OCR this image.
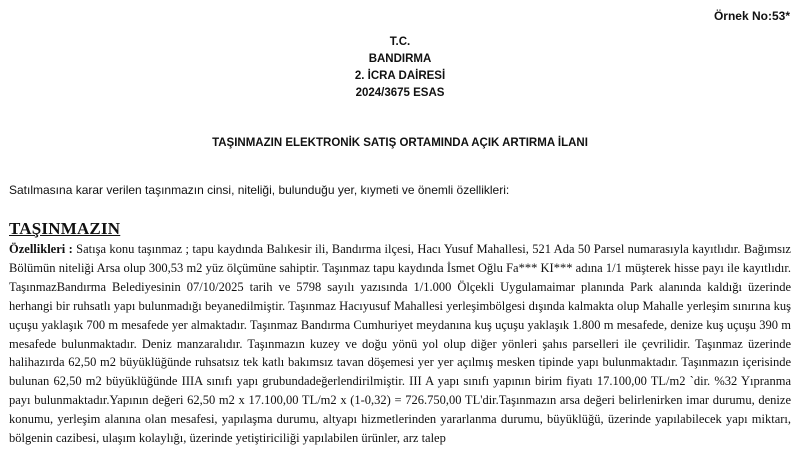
Örnek No:53*
T.C.
BANDIRMA
2. İCRA DAİRESİ
2024/3675 ESAS
TAŞINMAZIN ELEKTRONİK SATIŞ ORTAMINDA AÇIK ARTIRMA İLANI
Satılmasına karar verilen taşınmazın cinsi, niteliği, bulunduğu yer, kıymeti ve önemli özellikleri:
TAŞINMAZIN
Özellikleri : Satışa konu taşınmaz ; tapu kaydında Balıkesir ili, Bandırma ilçesi, Hacı Yusuf Mahallesi, 521 Ada 50 Parsel numarasıyla kayıtlıdır. Bağımsız Bölümün niteliği Arsa olup 300,53 m2 yüz ölçümüne sahiptir. Taşınmaz tapu kaydında İsmet Oğlu Fa*** KI*** adına 1/1 müşterek hisse payı ile kayıtlıdır. TaşınmazBandırma Belediyesinin 07/10/2025 tarih ve 5798 sayılı yazısında 1/1.000 Ölçekli Uygulamaimar planında Park alanında kaldığı üzerinde herhangi bir ruhsatlı yapı bulunmadığı beyanedilmiştir. Taşınmaz Hacıyusuf Mahallesi yerleşimbölgesi dışında kalmakta olup Mahalle yerleşim sınırına kuş uçuşu yaklaşık 700 m mesafede yer almaktadır. Taşınmaz Bandırma Cumhuriyet meydanına kuş uçuşu yaklaşık 1.800 m mesafede, denize kuş uçuşu 390 m mesafede bulunmaktadır. Deniz manzaralıdır. Taşınmazın kuzey ve doğu yönü yol olup diğer yönleri şahıs parselleri ile çevrilidir. Taşınmaz üzerinde halihazırda 62,50 m2 büyüklüğünde ruhsatsız tek katlı bakımsız tavan döşemesi yer yer açılmış mesken tipinde yapı bulunmaktadır. Taşınmazın içerisinde bulunan 62,50 m2 büyüklüğünde IIIA sınıfı yapı grubundadeğerlendirilmiştir. III A yapı sınıfı yapının birim fiyatı 17.100,00 TL/m2 `dir. %32 Yıpranma payı bulunmaktadır.Yapının değeri 62,50 m2 x 17.100,00 TL/m2 x (1-0,32) = 726.750,00 TL'dir.Taşınmazın arsa değeri belirlenirken imar durumu, denize konumu, yerleşim alanına olan mesafesi, yapılaşma durumu, altyapı hizmetlerinden yararlanma durumu, büyüklüğü, üzerinde yapılabilecek yapı miktarı, bölgenin cazibesi, ulaşım kolaylığı, üzerinde yetiştiriciliği yapılabilen ürünler, arz talep
